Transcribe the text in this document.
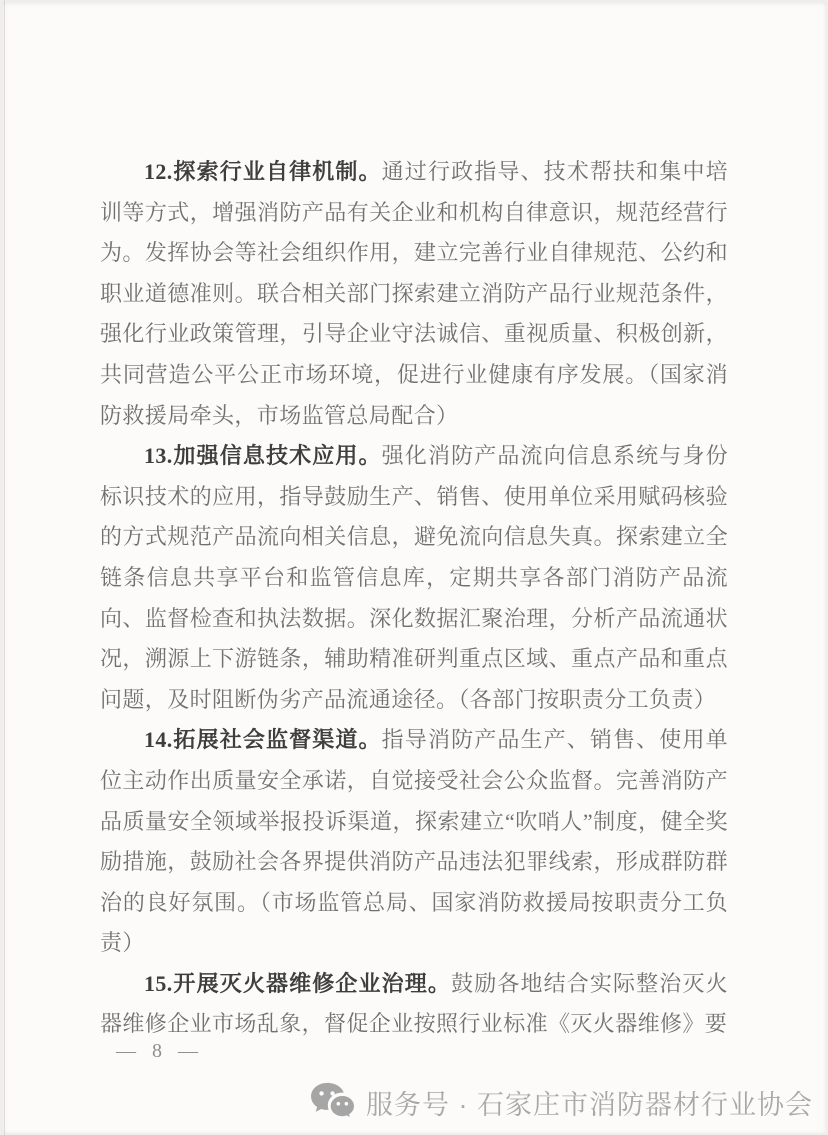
12.探索行业自律机制。通过行政指导、技术帮扶和集中培训等方式，增强消防产品有关企业和机构自律意识，规范经营行为。发挥协会等社会组织作用，建立完善行业自律规范、公约和职业道德准则。联合相关部门探索建立消防产品行业规范条件，强化行业政策管理，引导企业守法诚信、重视质量、积极创新，共同营造公平公正市场环境，促进行业健康有序发展。（国家消防救援局牵头，市场监管总局配合）

13.加强信息技术应用。强化消防产品流向信息系统与身份标识技术的应用，指导鼓励生产、销售、使用单位采用赋码核验的方式规范产品流向相关信息，避免流向信息失真。探索建立全链条信息共享平台和监管信息库，定期共享各部门消防产品流向、监督检查和执法数据。深化数据汇聚治理，分析产品流通状况，溯源上下游链条，辅助精准研判重点区域、重点产品和重点问题，及时阻断伪劣产品流通途径。（各部门按职责分工负责）

14.拓展社会监督渠道。指导消防产品生产、销售、使用单位主动作出质量安全承诺，自觉接受社会公众监督。完善消防产品质量安全领域举报投诉渠道，探索建立“吹哨人”制度，健全奖励措施，鼓励社会各界提供消防产品违法犯罪线索，形成群防群治的良好氛围。（市场监管总局、国家消防救援局按职责分工负责）

15.开展灭火器维修企业治理。鼓励各地结合实际整治灭火器维修企业市场乱象，督促企业按照行业标准《灭火器维修》要

— 8 —
服务号 · 石家庄市消防器材行业协会
